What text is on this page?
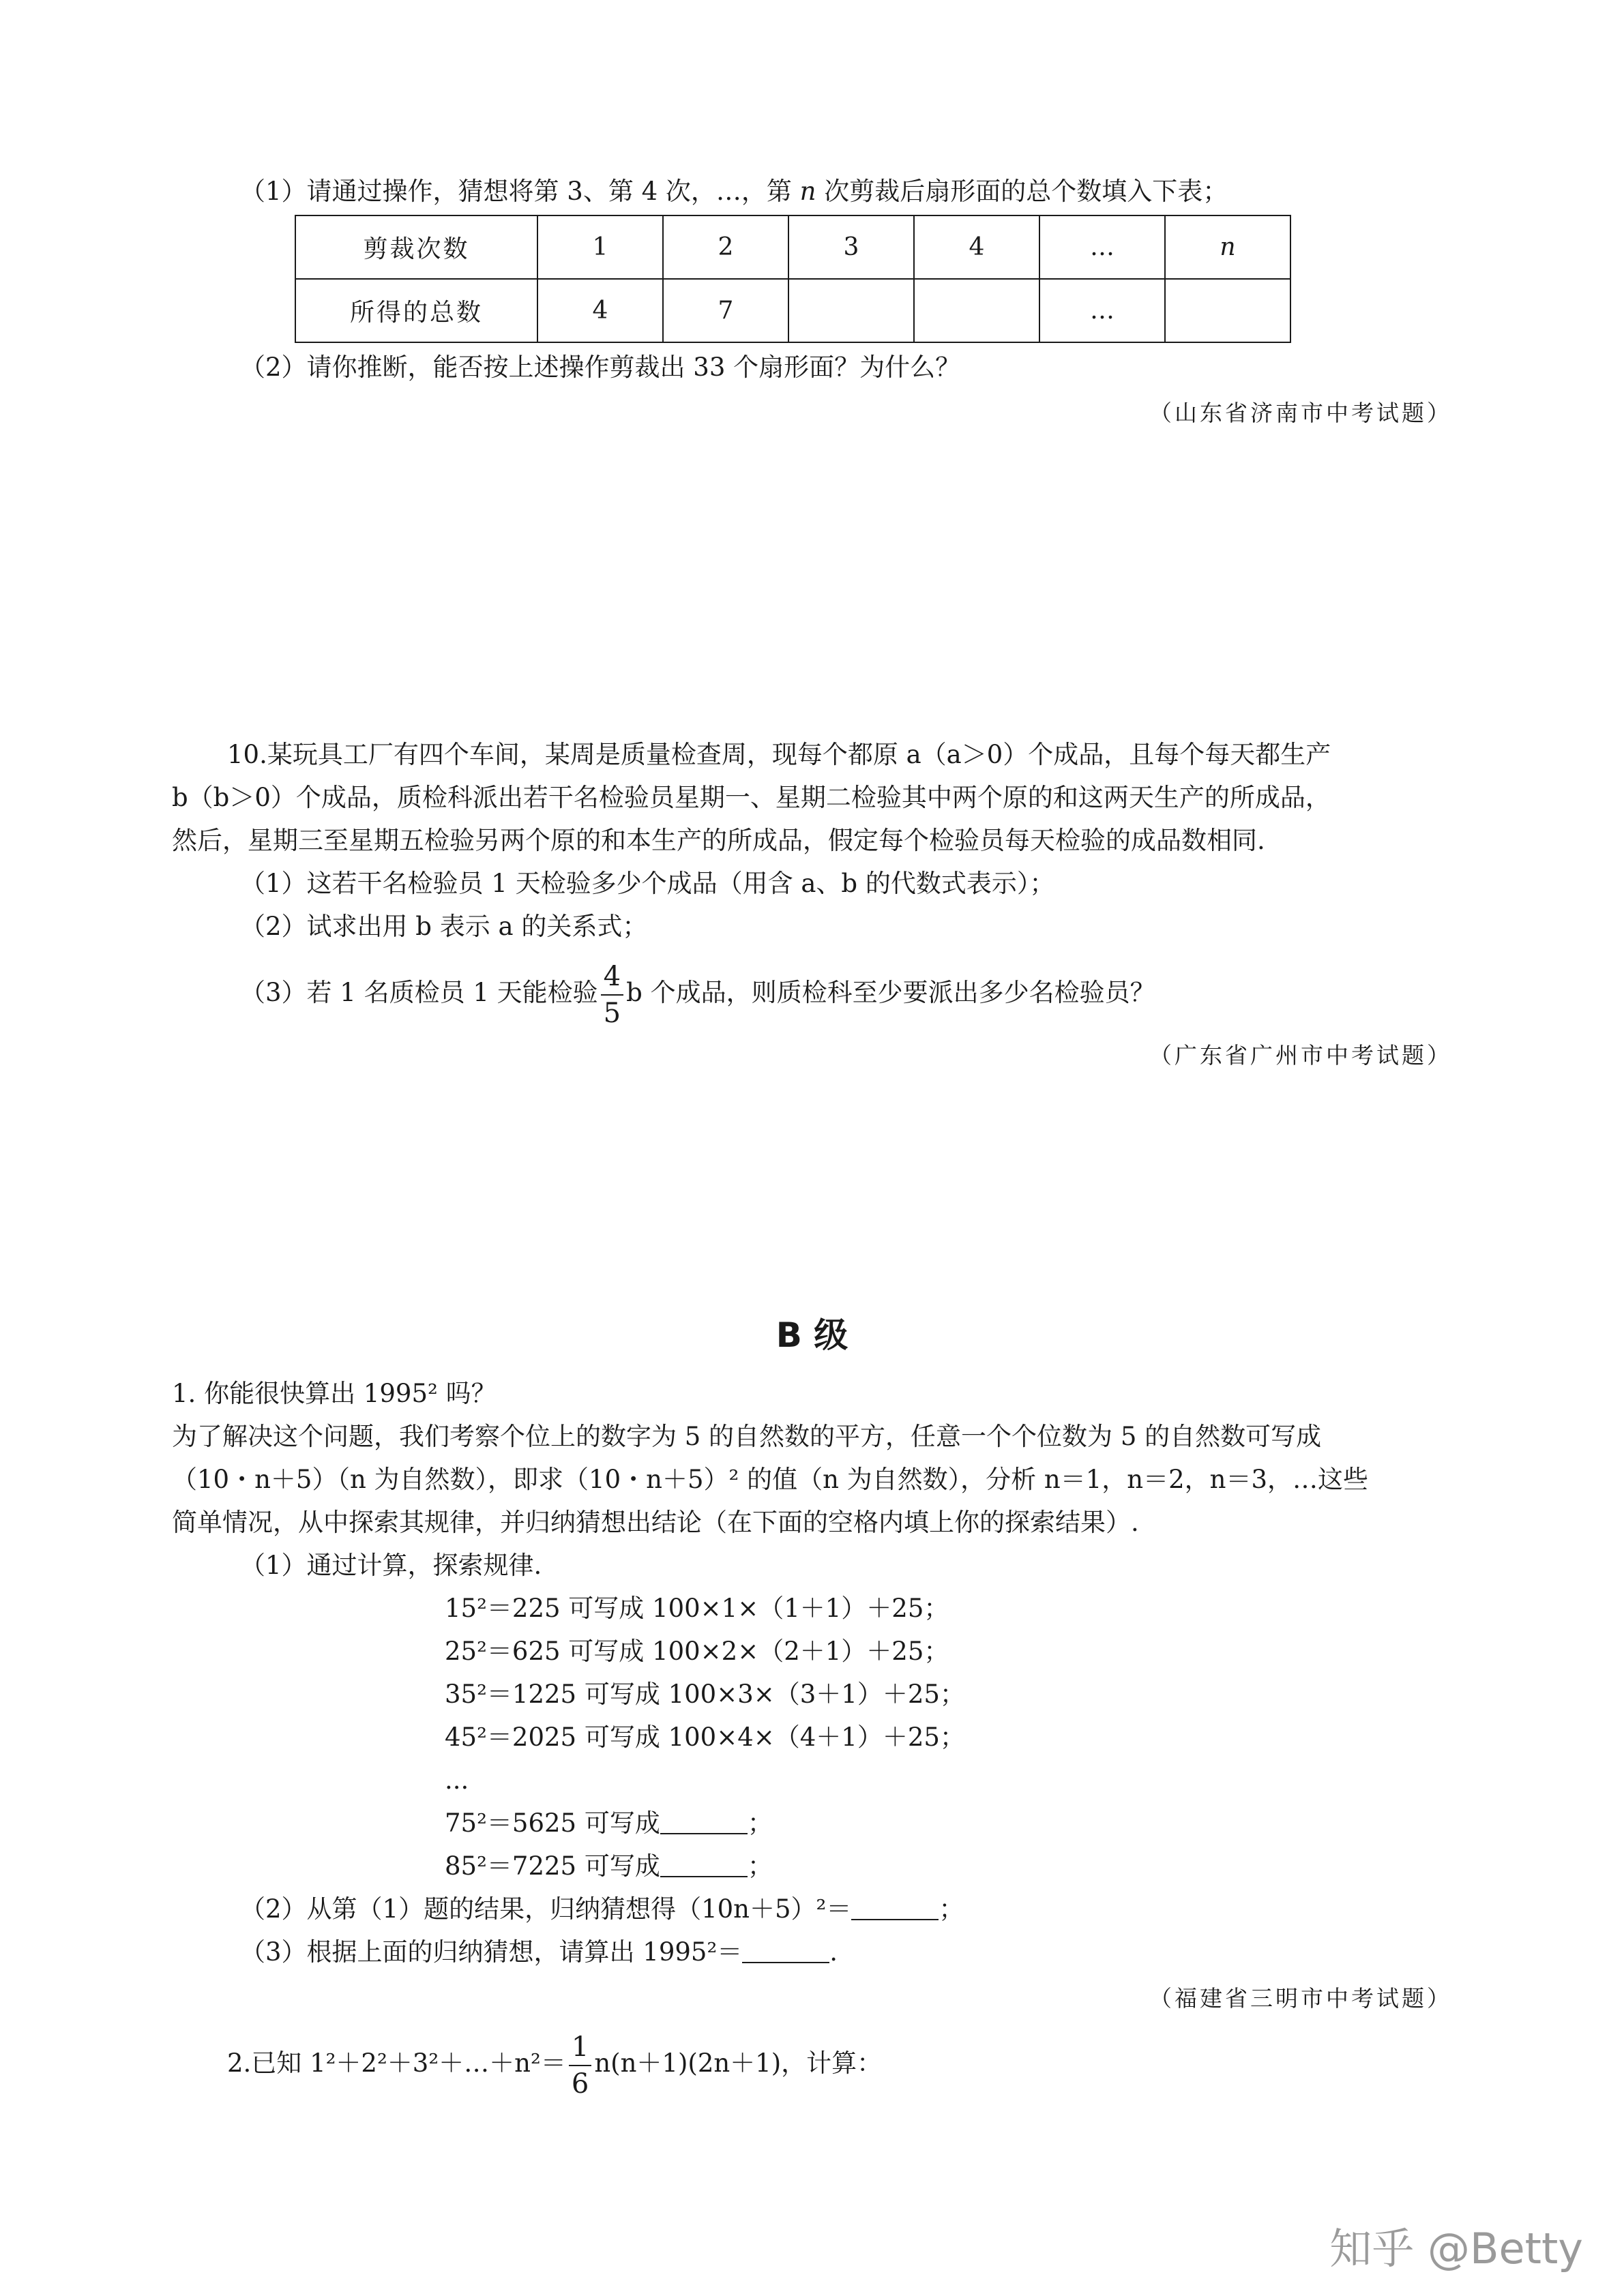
（1）请通过操作，猜想将第 3、第 4 次，…，第 n 次剪裁后扇形面的总个数填入下表；
剪裁次数	1	2	3	4	…	n
所得的总数	4	7			…	
（2）请你推断，能否按上述操作剪裁出 33 个扇形面？为什么？
（山东省济南市中考试题）
10.某玩具工厂有四个车间，某周是质量检查周，现每个都原 a（a＞0）个成品，且每个每天都生产
b（b＞0）个成品，质检科派出若干名检验员星期一、星期二检验其中两个原的和这两天生产的所成品，
然后，星期三至星期五检验另两个原的和本生产的所成品，假定每个检验员每天检验的成品数相同.
（1）这若干名检验员 1 天检验多少个成品（用含 a、b 的代数式表示）；
（2）试求出用 b 表示 a 的关系式；
（3）若 1 名质检员 1 天能检验 $\frac{4}{5}$ b 个成品，则质检科至少要派出多少名检验员？
（广东省广州市中考试题）
B 级
1. 你能很快算出 1995² 吗？
为了解决这个问题，我们考察个位上的数字为 5 的自然数的平方，任意一个个位数为 5 的自然数可写成
（10・n＋5）（n 为自然数），即求（10・n＋5）² 的值（n 为自然数），分析 n＝1，n＝2，n＝3，…这些
简单情况，从中探索其规律，并归纳猜想出结论（在下面的空格内填上你的探索结果）.
（1）通过计算，探索规律.
15²＝225 可写成 100×1×（1＋1）＋25；
25²＝625 可写成 100×2×（2＋1）＋25；
35²＝1225 可写成 100×3×（3＋1）＋25；
45²＝2025 可写成 100×4×（4＋1）＋25；
...
75²＝5625 可写成	；
85²＝7225 可写成	；
（2）从第（1）题的结果，归纳猜想得（10n＋5）²＝	；
（3）根据上面的归纳猜想，请算出 1995²＝	.
（福建省三明市中考试题）
2.已知 1²＋2²＋3²＋…＋n²＝ $\frac{1}{6} n(n+1)(2n+1)$，计算：
知乎 @Betty
